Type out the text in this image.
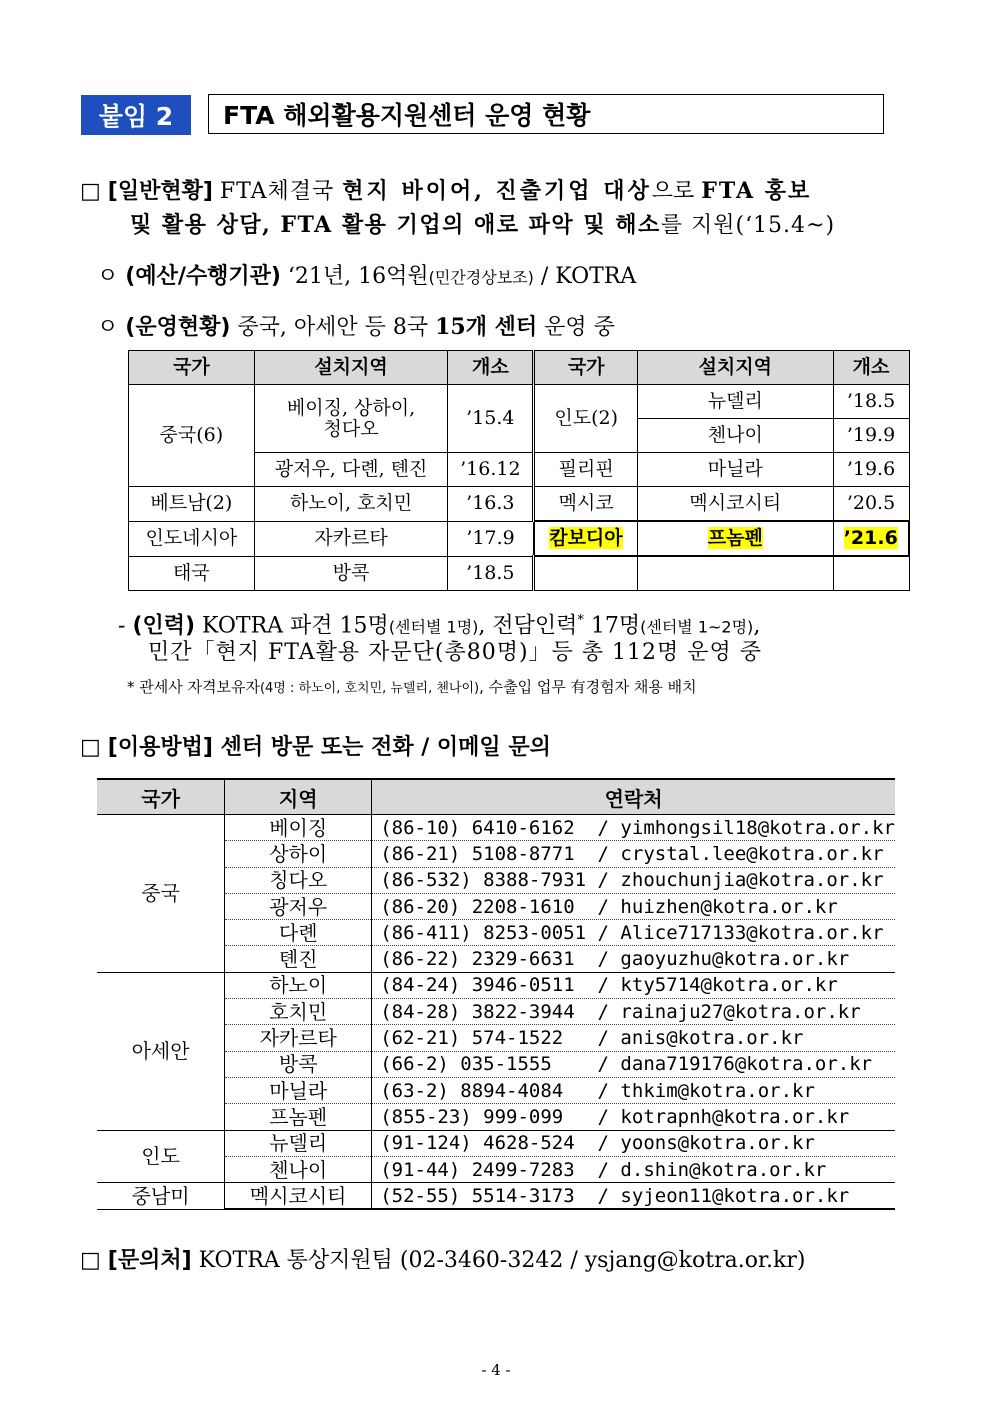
붙임 2	FTA 해외활용지원센터 운영 현황
□ [일반현황] FTA체결국 현지 바이어, 진출기업 대상으로 FTA 홍보
및 활용 상담, FTA 활용 기업의 애로 파악 및 해소를 지원(‘15.4~)
ㅇ (예산/수행기관) ‘21년, 16억원(민간경상보조) / KOTRA
ㅇ (운영현황) 중국, 아세안 등 8국 15개 센터 운영 중
국가	설치지역	개소	국가	설치지역	개소
중국(6)	베이징, 상하이, 청다오	’15.4	인도(2)	뉴델리	’18.5
				첸나이	’19.9
	광저우, 다롄, 톈진	’16.12	필리핀	마닐라	’19.6
베트남(2)	하노이, 호치민	’16.3	멕시코	멕시코시티	’20.5
인도네시아	자카르타	’17.9	캄보디아	프놈펜	’21.6
태국	방콕	’18.5			
- (인력) KOTRA 파견 15명(센터별 1명), 전담인력* 17명(센터별 1~2명),
민간「현지 FTA활용 자문단(총80명)」등 총 112명 운영 중
* 관세사 자격보유자(4명 : 하노이, 호치민, 뉴델리, 첸나이), 수출입 업무 有경험자 채용 배치
□ [이용방법] 센터 방문 또는 전화 / 이메일 문의
국가	지역	연락처
중국	베이징	(86-10) 6410-6162  / yimhongsil18@kotra.or.kr
	상하이	(86-21) 5108-8771  / crystal.lee@kotra.or.kr
	칭다오	(86-532) 8388-7931 / zhouchunjia@kotra.or.kr
	광저우	(86-20) 2208-1610  / huizhen@kotra.or.kr
	다롄	(86-411) 8253-0051 / Alice717133@kotra.or.kr
	톈진	(86-22) 2329-6631  / gaoyuzhu@kotra.or.kr
아세안	하노이	(84-24) 3946-0511  / kty5714@kotra.or.kr
	호치민	(84-28) 3822-3944  / rainaju27@kotra.or.kr
	자카르타	(62-21) 574-1522   / anis@kotra.or.kr
	방콕	(66-2) 035-1555    / dana719176@kotra.or.kr
	마닐라	(63-2) 8894-4084   / thkim@kotra.or.kr
	프놈펜	(855-23) 999-099   / kotrapnh@kotra.or.kr
인도	뉴델리	(91-124) 4628-524  / yoons@kotra.or.kr
	첸나이	(91-44) 2499-7283  / d.shin@kotra.or.kr
중남미	멕시코시티	(52-55) 5514-3173  / syjeon11@kotra.or.kr
□ [문의처] KOTRA 통상지원팀 (02-3460-3242 / ysjang@kotra.or.kr)
- 4 -
